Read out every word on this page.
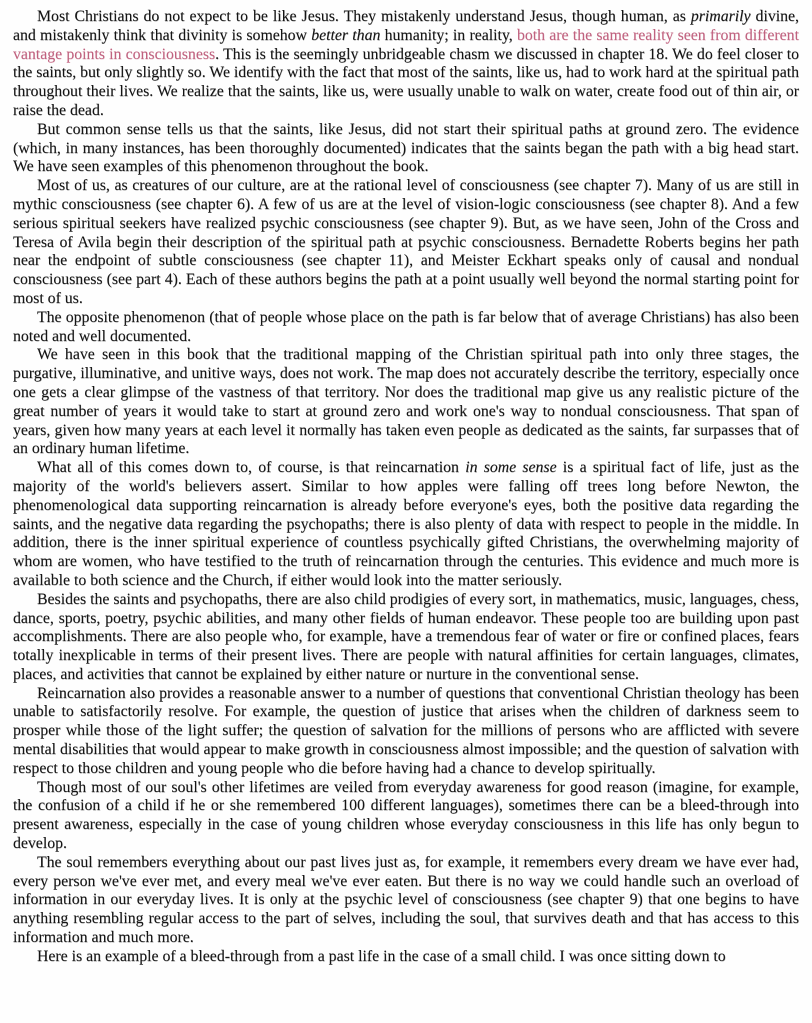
Most Christians do not expect to be like Jesus. They mistakenly understand Jesus, though human, as primarily divine, and mistakenly think that divinity is somehow better than humanity; in reality, both are the same reality seen from different vantage points in consciousness. This is the seemingly unbridgeable chasm we discussed in chapter 18. We do feel closer to the saints, but only slightly so. We identify with the fact that most of the saints, like us, had to work hard at the spiritual path throughout their lives. We realize that the saints, like us, were usually unable to walk on water, create food out of thin air, or raise the dead.

But common sense tells us that the saints, like Jesus, did not start their spiritual paths at ground zero. The evidence (which, in many instances, has been thoroughly documented) indicates that the saints began the path with a big head start. We have seen examples of this phenomenon throughout the book.

Most of us, as creatures of our culture, are at the rational level of consciousness (see chapter 7). Many of us are still in mythic consciousness (see chapter 6). A few of us are at the level of vision-logic consciousness (see chapter 8). And a few serious spiritual seekers have realized psychic consciousness (see chapter 9). But, as we have seen, John of the Cross and Teresa of Avila begin their description of the spiritual path at psychic consciousness. Bernadette Roberts begins her path near the endpoint of subtle consciousness (see chapter 11), and Meister Eckhart speaks only of causal and nondual consciousness (see part 4). Each of these authors begins the path at a point usually well beyond the normal starting point for most of us.

The opposite phenomenon (that of people whose place on the path is far below that of average Christians) has also been noted and well documented.

We have seen in this book that the traditional mapping of the Christian spiritual path into only three stages, the purgative, illuminative, and unitive ways, does not work. The map does not accurately describe the territory, especially once one gets a clear glimpse of the vastness of that territory. Nor does the traditional map give us any realistic picture of the great number of years it would take to start at ground zero and work one's way to nondual consciousness. That span of years, given how many years at each level it normally has taken even people as dedicated as the saints, far surpasses that of an ordinary human lifetime.

What all of this comes down to, of course, is that reincarnation in some sense is a spiritual fact of life, just as the majority of the world's believers assert. Similar to how apples were falling off trees long before Newton, the phenomenological data supporting reincarnation is already before everyone's eyes, both the positive data regarding the saints, and the negative data regarding the psychopaths; there is also plenty of data with respect to people in the middle. In addition, there is the inner spiritual experience of countless psychically gifted Christians, the overwhelming majority of whom are women, who have testified to the truth of reincarnation through the centuries. This evidence and much more is available to both science and the Church, if either would look into the matter seriously.

Besides the saints and psychopaths, there are also child prodigies of every sort, in mathematics, music, languages, chess, dance, sports, poetry, psychic abilities, and many other fields of human endeavor. These people too are building upon past accomplishments. There are also people who, for example, have a tremendous fear of water or fire or confined places, fears totally inexplicable in terms of their present lives. There are people with natural affinities for certain languages, climates, places, and activities that cannot be explained by either nature or nurture in the conventional sense.

Reincarnation also provides a reasonable answer to a number of questions that conventional Christian theology has been unable to satisfactorily resolve. For example, the question of justice that arises when the children of darkness seem to prosper while those of the light suffer; the question of salvation for the millions of persons who are afflicted with severe mental disabilities that would appear to make growth in consciousness almost impossible; and the question of salvation with respect to those children and young people who die before having had a chance to develop spiritually.

Though most of our soul's other lifetimes are veiled from everyday awareness for good reason (imagine, for example, the confusion of a child if he or she remembered 100 different languages), sometimes there can be a bleed-through into present awareness, especially in the case of young children whose everyday consciousness in this life has only begun to develop.

The soul remembers everything about our past lives just as, for example, it remembers every dream we have ever had, every person we've ever met, and every meal we've ever eaten. But there is no way we could handle such an overload of information in our everyday lives. It is only at the psychic level of consciousness (see chapter 9) that one begins to have anything resembling regular access to the part of selves, including the soul, that survives death and that has access to this information and much more.

Here is an example of a bleed-through from a past life in the case of a small child. I was once sitting down to
